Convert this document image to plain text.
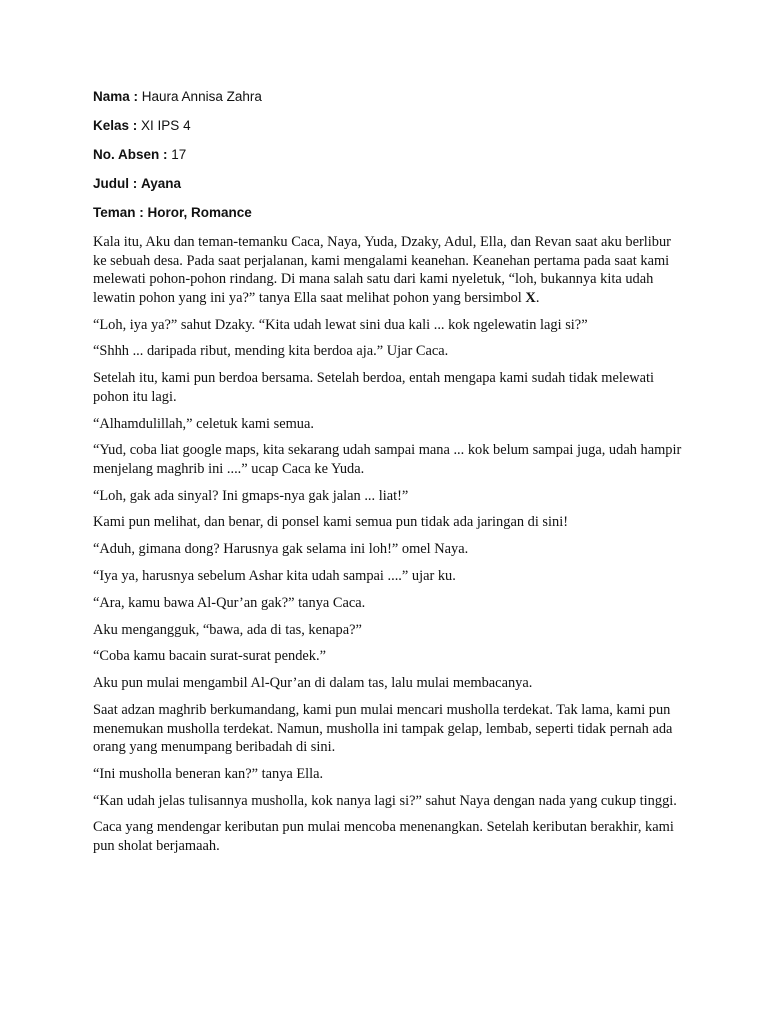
Nama : Haura Annisa Zahra
Kelas : XI IPS 4
No. Absen : 17
Judul : Ayana
Teman : Horor, Romance

Kala itu, Aku dan teman-temanku Caca, Naya, Yuda, Dzaky, Adul, Ella, dan Revan saat aku berlibur ke sebuah desa. Pada saat perjalanan, kami mengalami keanehan. Keanehan pertama pada saat kami melewati pohon-pohon rindang. Di mana salah satu dari kami nyeletuk, “loh, bukannya kita udah lewatin pohon yang ini ya?” tanya Ella saat melihat pohon yang bersimbol X.

“Loh, iya ya?” sahut Dzaky. “Kita udah lewat sini dua kali ... kok ngelewatin lagi si?”

“Shhh ... daripada ribut, mending kita berdoa aja.” Ujar Caca.

Setelah itu, kami pun berdoa bersama. Setelah berdoa, entah mengapa kami sudah tidak melewati pohon itu lagi.

“Alhamdulillah,” celetuk kami semua.

“Yud, coba liat google maps, kita sekarang udah sampai mana ... kok belum sampai juga, udah hampir menjelang maghrib ini ....” ucap Caca ke Yuda.

“Loh, gak ada sinyal? Ini gmaps-nya gak jalan ... liat!”

Kami pun melihat, dan benar, di ponsel kami semua pun tidak ada jaringan di sini!

“Aduh, gimana dong? Harusnya gak selama ini loh!” omel Naya.

“Iya ya, harusnya sebelum Ashar kita udah sampai ....” ujar ku.

“Ara, kamu bawa Al-Qur’an gak?” tanya Caca.

Aku mengangguk, “bawa, ada di tas, kenapa?”

“Coba kamu bacain surat-surat pendek.”

Aku pun mulai mengambil Al-Qur’an di dalam tas, lalu mulai membacanya.

Saat adzan maghrib berkumandang, kami pun mulai mencari musholla terdekat. Tak lama, kami pun menemukan musholla terdekat. Namun, musholla ini tampak gelap, lembab, seperti tidak pernah ada orang yang menumpang beribadah di sini.

“Ini musholla beneran kan?” tanya Ella.

“Kan udah jelas tulisannya musholla, kok nanya lagi si?” sahut Naya dengan nada yang cukup tinggi.

Caca yang mendengar keributan pun mulai mencoba menenangkan. Setelah keributan berakhir, kami pun sholat berjamaah.
